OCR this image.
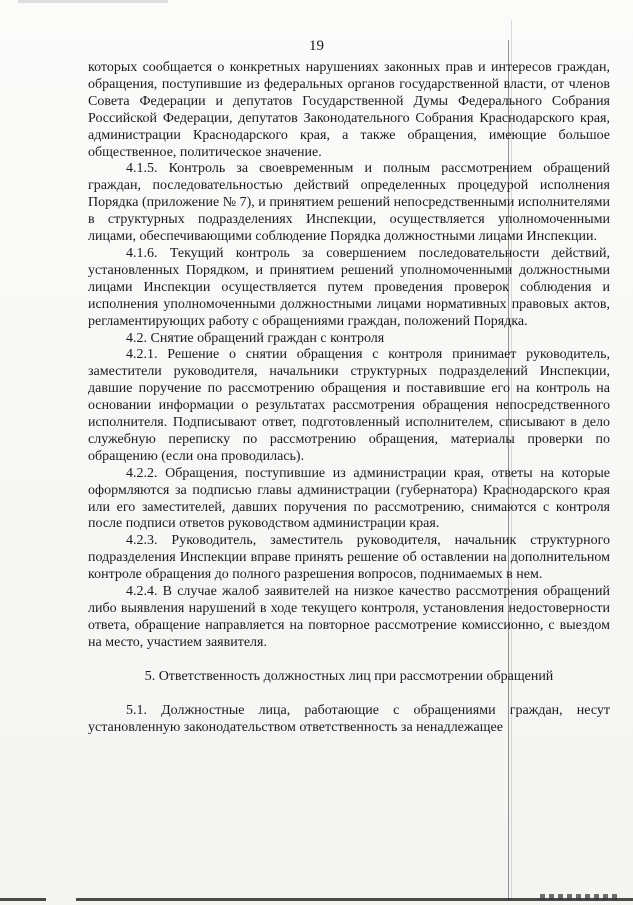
19

которых сообщается о конкретных нарушениях законных прав и интересов граждан, обращения, поступившие из федеральных органов государственной власти, от членов Совета Федерации и депутатов Государственной Думы Федерального Собрания Российской Федерации, депутатов Законодательного Собрания Краснодарского края, администрации Краснодарского края, а также обращения, имеющие большое общественное, политическое значение.

4.1.5. Контроль за своевременным и полным рассмотрением обращений граждан, последовательностью действий определенных процедурой исполнения Порядка (приложение № 7), и принятием решений непосредственными исполнителями в структурных подразделениях Инспекции, осуществляется уполномоченными лицами, обеспечивающими соблюдение Порядка должностными лицами Инспекции.

4.1.6. Текущий контроль за совершением последовательности действий, установленных Порядком, и принятием решений уполномоченными должностными лицами Инспекции осуществляется путем проведения проверок соблюдения и исполнения уполномоченными должностными лицами нормативных правовых актов, регламентирующих работу с обращениями граждан, положений Порядка.

4.2. Снятие обращений граждан с контроля

4.2.1. Решение о снятии обращения с контроля принимает руководитель, заместители руководителя, начальники структурных подразделений Инспекции, давшие поручение по рассмотрению обращения и поставившие его на контроль на основании информации о результатах рассмотрения обращения непосредственного исполнителя. Подписывают ответ, подготовленный исполнителем, списывают в дело служебную переписку по рассмотрению обращения, материалы проверки по обращению (если она проводилась).

4.2.2. Обращения, поступившие из администрации края, ответы на которые оформляются за подписью главы администрации (губернатора) Краснодарского края или его заместителей, давших поручения по рассмотрению, снимаются с контроля после подписи ответов руководством администрации края.

4.2.3. Руководитель, заместитель руководителя, начальник структурного подразделения Инспекции вправе принять решение об оставлении на дополнительном контроле обращения до полного разрешения вопросов, поднимаемых в нем.

4.2.4. В случае жалоб заявителей на низкое качество рассмотрения обращений либо выявления нарушений в ходе текущего контроля, установления недостоверности ответа, обращение направляется на повторное рассмотрение комиссионно, с выездом на место, участием заявителя.

5. Ответственность должностных лиц при рассмотрении обращений

5.1. Должностные лица, работающие с обращениями граждан, несут установленную законодательством ответственность за ненадлежащее
